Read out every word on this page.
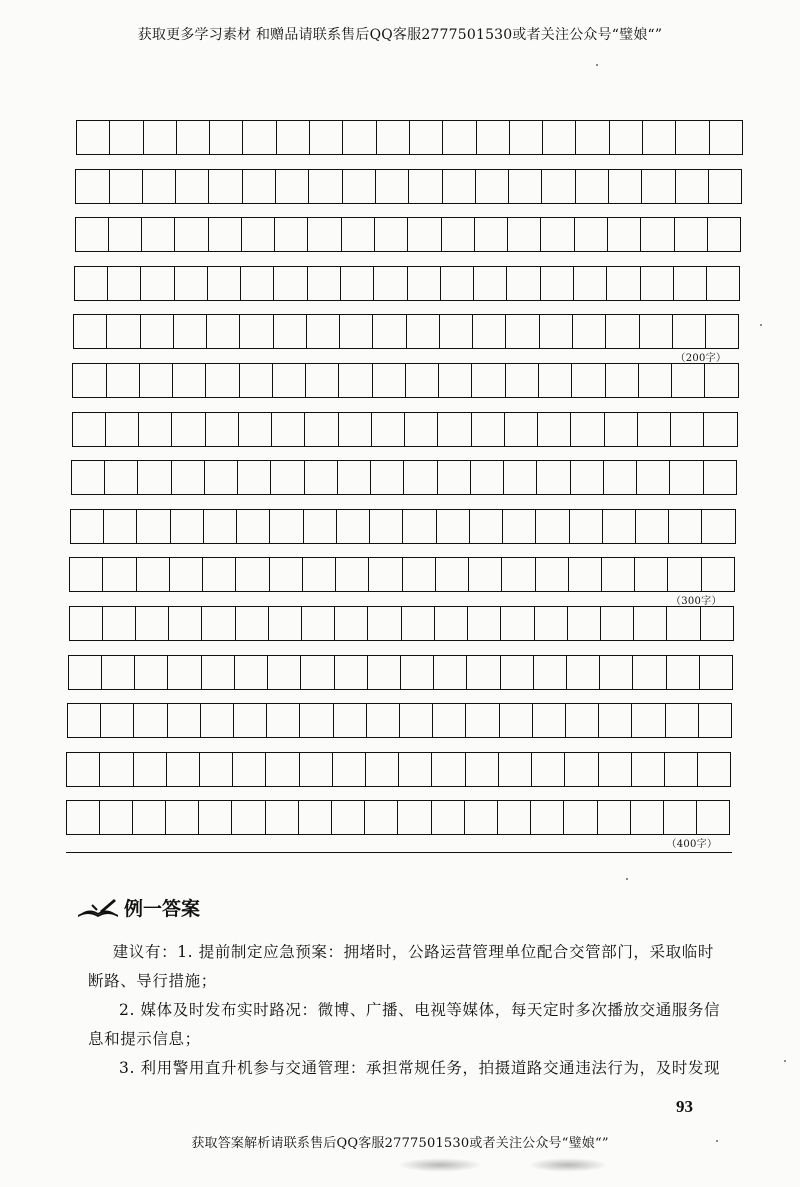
获取更多学习素材 和赠品请联系售后QQ客服2777501530或者关注公众号“璧娘“”
（200字）
（300字）
（400字）
例一答案

建议有：1. 提前制定应急预案：拥堵时，公路运营管理单位配合交管部门，采取临时断路、导行措施；

2. 媒体及时发布实时路况：微博、广播、电视等媒体，每天定时多次播放交通服务信息和提示信息；

3. 利用警用直升机参与交通管理：承担常规任务，拍摄道路交通违法行为，及时发现

93
获取答案解析请联系售后QQ客服2777501530或者关注公众号“璧娘“”
